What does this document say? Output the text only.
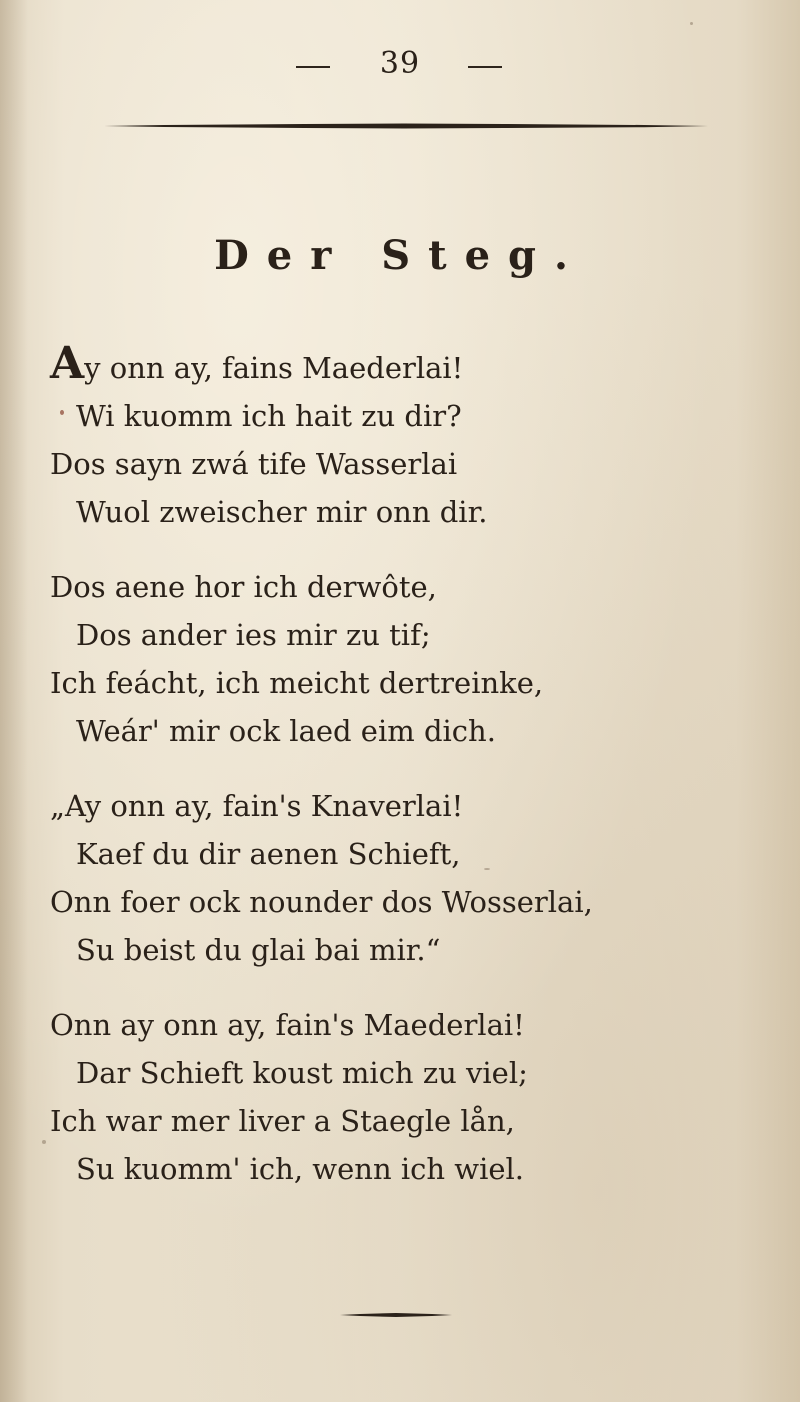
39
Der Steg.
Ay onn ay, fains Maederlai!
Wi kuomm ich hait zu dir?
Dos sayn zwá tife Wasserlai
Wuol zweischer mir onn dir.
Dos aene hor ich derwôte,
Dos ander ies mir zu tif;
Ich feácht, ich meicht dertreinke,
Weár' mir ock laed eim dich.
„Ay onn ay, fain's Knaverlai!
Kaef du dir aenen Schieft,
Onn foer ock nounder dos Wosserlai,
Su beist du glai bai mir.“
Onn ay onn ay, fain's Maederlai!
Dar Schieft koust mich zu viel;
Ich war mer liver a Staegle lån,
Su kuomm' ich, wenn ich wiel.
